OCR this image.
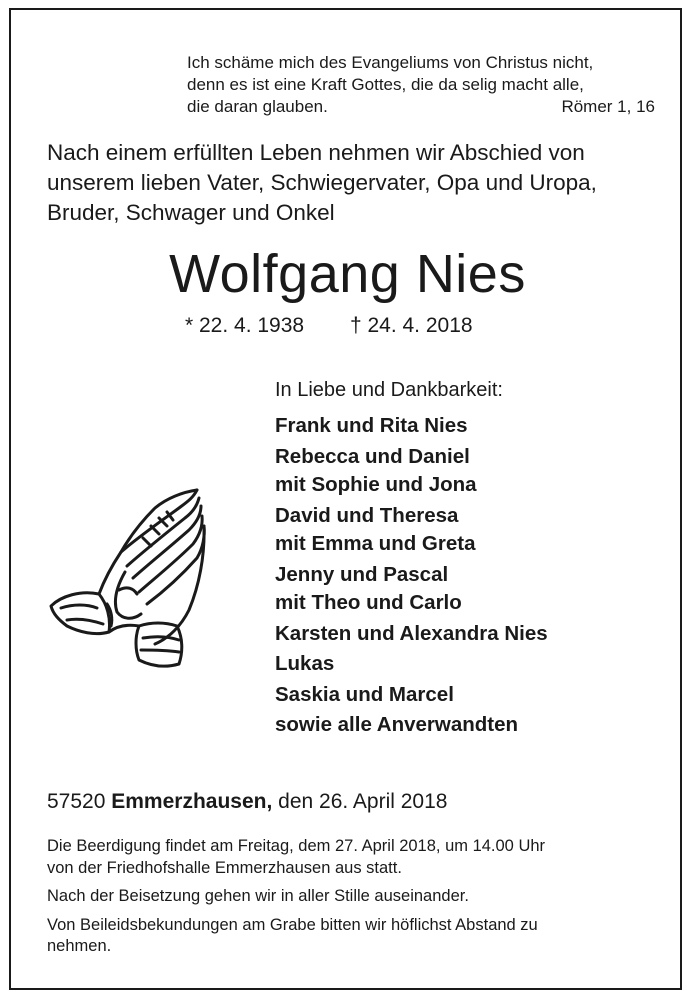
Ich schäme mich des Evangeliums von Christus nicht,
denn es ist eine Kraft Gottes, die da selig macht alle,
die daran glauben.	Römer 1, 16
Nach einem erfüllten Leben nehmen wir Abschied von
unserem lieben Vater, Schwiegervater, Opa und Uropa,
Bruder, Schwager und Onkel
Wolfgang Nies
* 22. 4. 1938 † 24. 4. 2018
In Liebe und Dankbarkeit:
Frank und Rita Nies
Rebecca und Daniel
mit Sophie und Jona
David und Theresa
mit Emma und Greta
Jenny und Pascal
mit Theo und Carlo
Karsten und Alexandra Nies
Lukas
Saskia und Marcel
sowie alle Anverwandten
57520 Emmerzhausen, den 26. April 2018

Die Beerdigung findet am Freitag, dem 27. April 2018, um 14.00 Uhr
von der Friedhofshalle Emmerzhausen aus statt.

Nach der Beisetzung gehen wir in aller Stille auseinander.

Von Beileidsbekundungen am Grabe bitten wir höflichst Abstand zu
nehmen.
